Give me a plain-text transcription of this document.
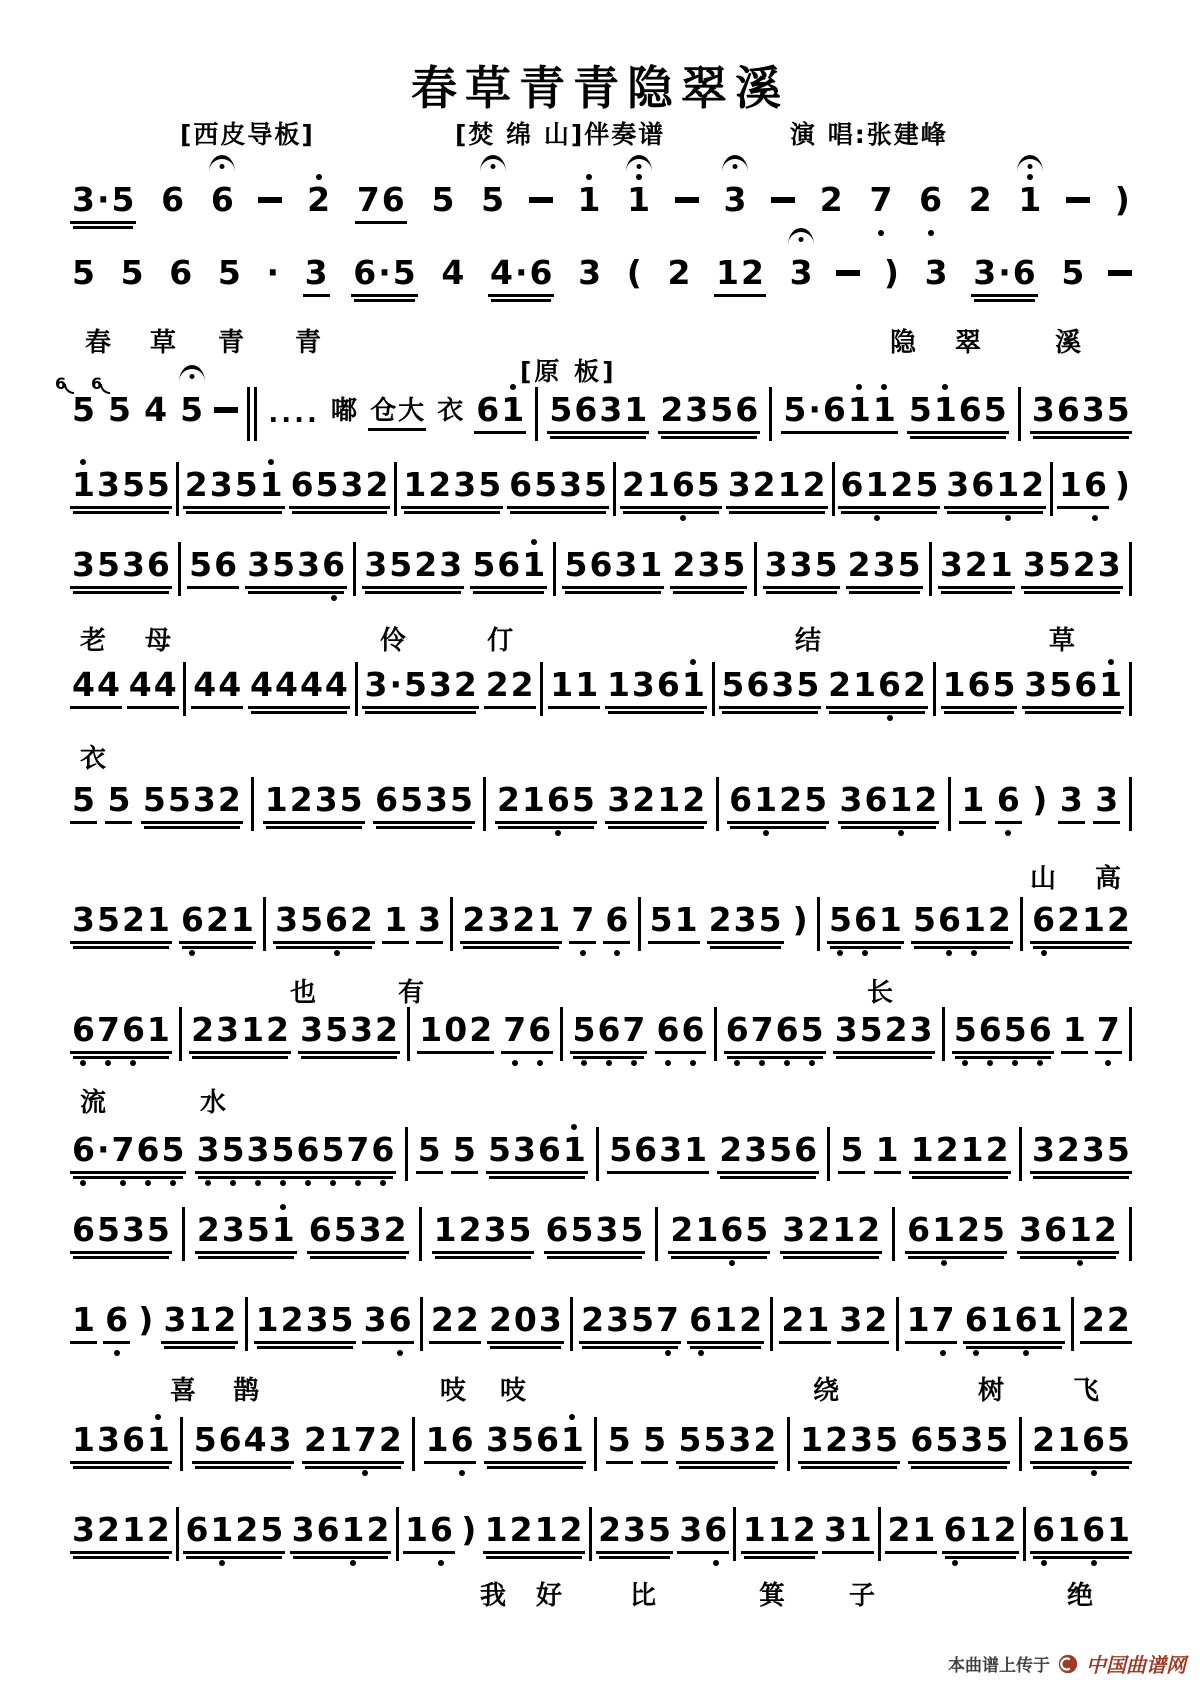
春草青青隐翠溪
[西皮导板]	[焚 绵 山]伴奏谱	演 唱:张建峰
[原 板]
3 · 5 6 6 2 7 6 5 5 1 1 3 2 7 6 2 1 )
5 5 6 5 · 3 6 · 5 4 4 · 6 3 ( 2 1 2 3 ) 3 3 · 6 5
5
6
5
6
4 5	. . . . 嘟 仓 大 衣 6 1 5 6 3 1 2 3 5 6 5 · 6 1 1 5 1 6 5 3 6 3 5
1 3 5 5 2 3 5 1 6 5 3 2 1 2 3 5 6 5 3 5 2 1 6 5 3 2 1 2 6 1 2 5 3 6 1 2 1 6 )
3 5 3 6 5 6 3 5 3 6 3 5 2 3 5 6 1 5 6 3 1 2 3 5 3 3 5 2 3 5 3 2 1 3 5 2 3
4 4 4 4 4 4 4 4 4 4 3 · 5 3 2 2 2 1 1 1 3 6 1 5 6 3 5 2 1 6 2 1 6 5 3 5 6 1
5 5 5 5 3 2 1 2 3 5 6 5 3 5 2 1 6 5 3 2 1 2 6 1 2 5 3 6 1 2 1 6 ) 3 3
3 5 2 1 6 2 1 3 5 6 2 1 3 2 3 2 1 7 6 5 1 2 3 5 ) 5 6 1 5 6 1 2 6 2 1 2
6 7 6 1 2 3 1 2 3 5 3 2 1 0 2 7 6 5 6 7 6 6 6 7 6 5 3 5 2 3 5 6 5 6 1 7
6 · 7 6 5 3 5 3 5 6 5 7 6 5 5 5 3 6 1 5 6 3 1 2 3 5 6 5 1 1 2 1 2 3 2 3 5
6 5 3 5 2 3 5 1 6 5 3 2 1 2 3 5 6 5 3 5 2 1 6 5 3 2 1 2 6 1 2 5 3 6 1 2
1 6 ) 3 1 2 1 2 3 5 3 6 2 2 2 0 3 2 3 5 7 6 1 2 2 1 3 2 1 7 6 1 6 1 2 2
1 3 6 1 5 6 4 3 2 1 7 2 1 6 3 5 6 1 5 5 5 5 3 2 1 2 3 5 6 5 3 5 2 1 6 5
3 2 1 2 6 1 2 5 3 6 1 2 1 6 ) 1 2 1 2 2 3 5 3 6 1 1 2 3 1 2 1 6 1 2 6 1 6 1
春 草 青 青	隐 翠	溪
老 母	伶	仃	结	草
衣
山 高
也	有	长
流	水
喜 鹊	吱 吱	绕	树	飞
我 好	比	箕 子	绝
本曲谱上传于 中国曲谱网
